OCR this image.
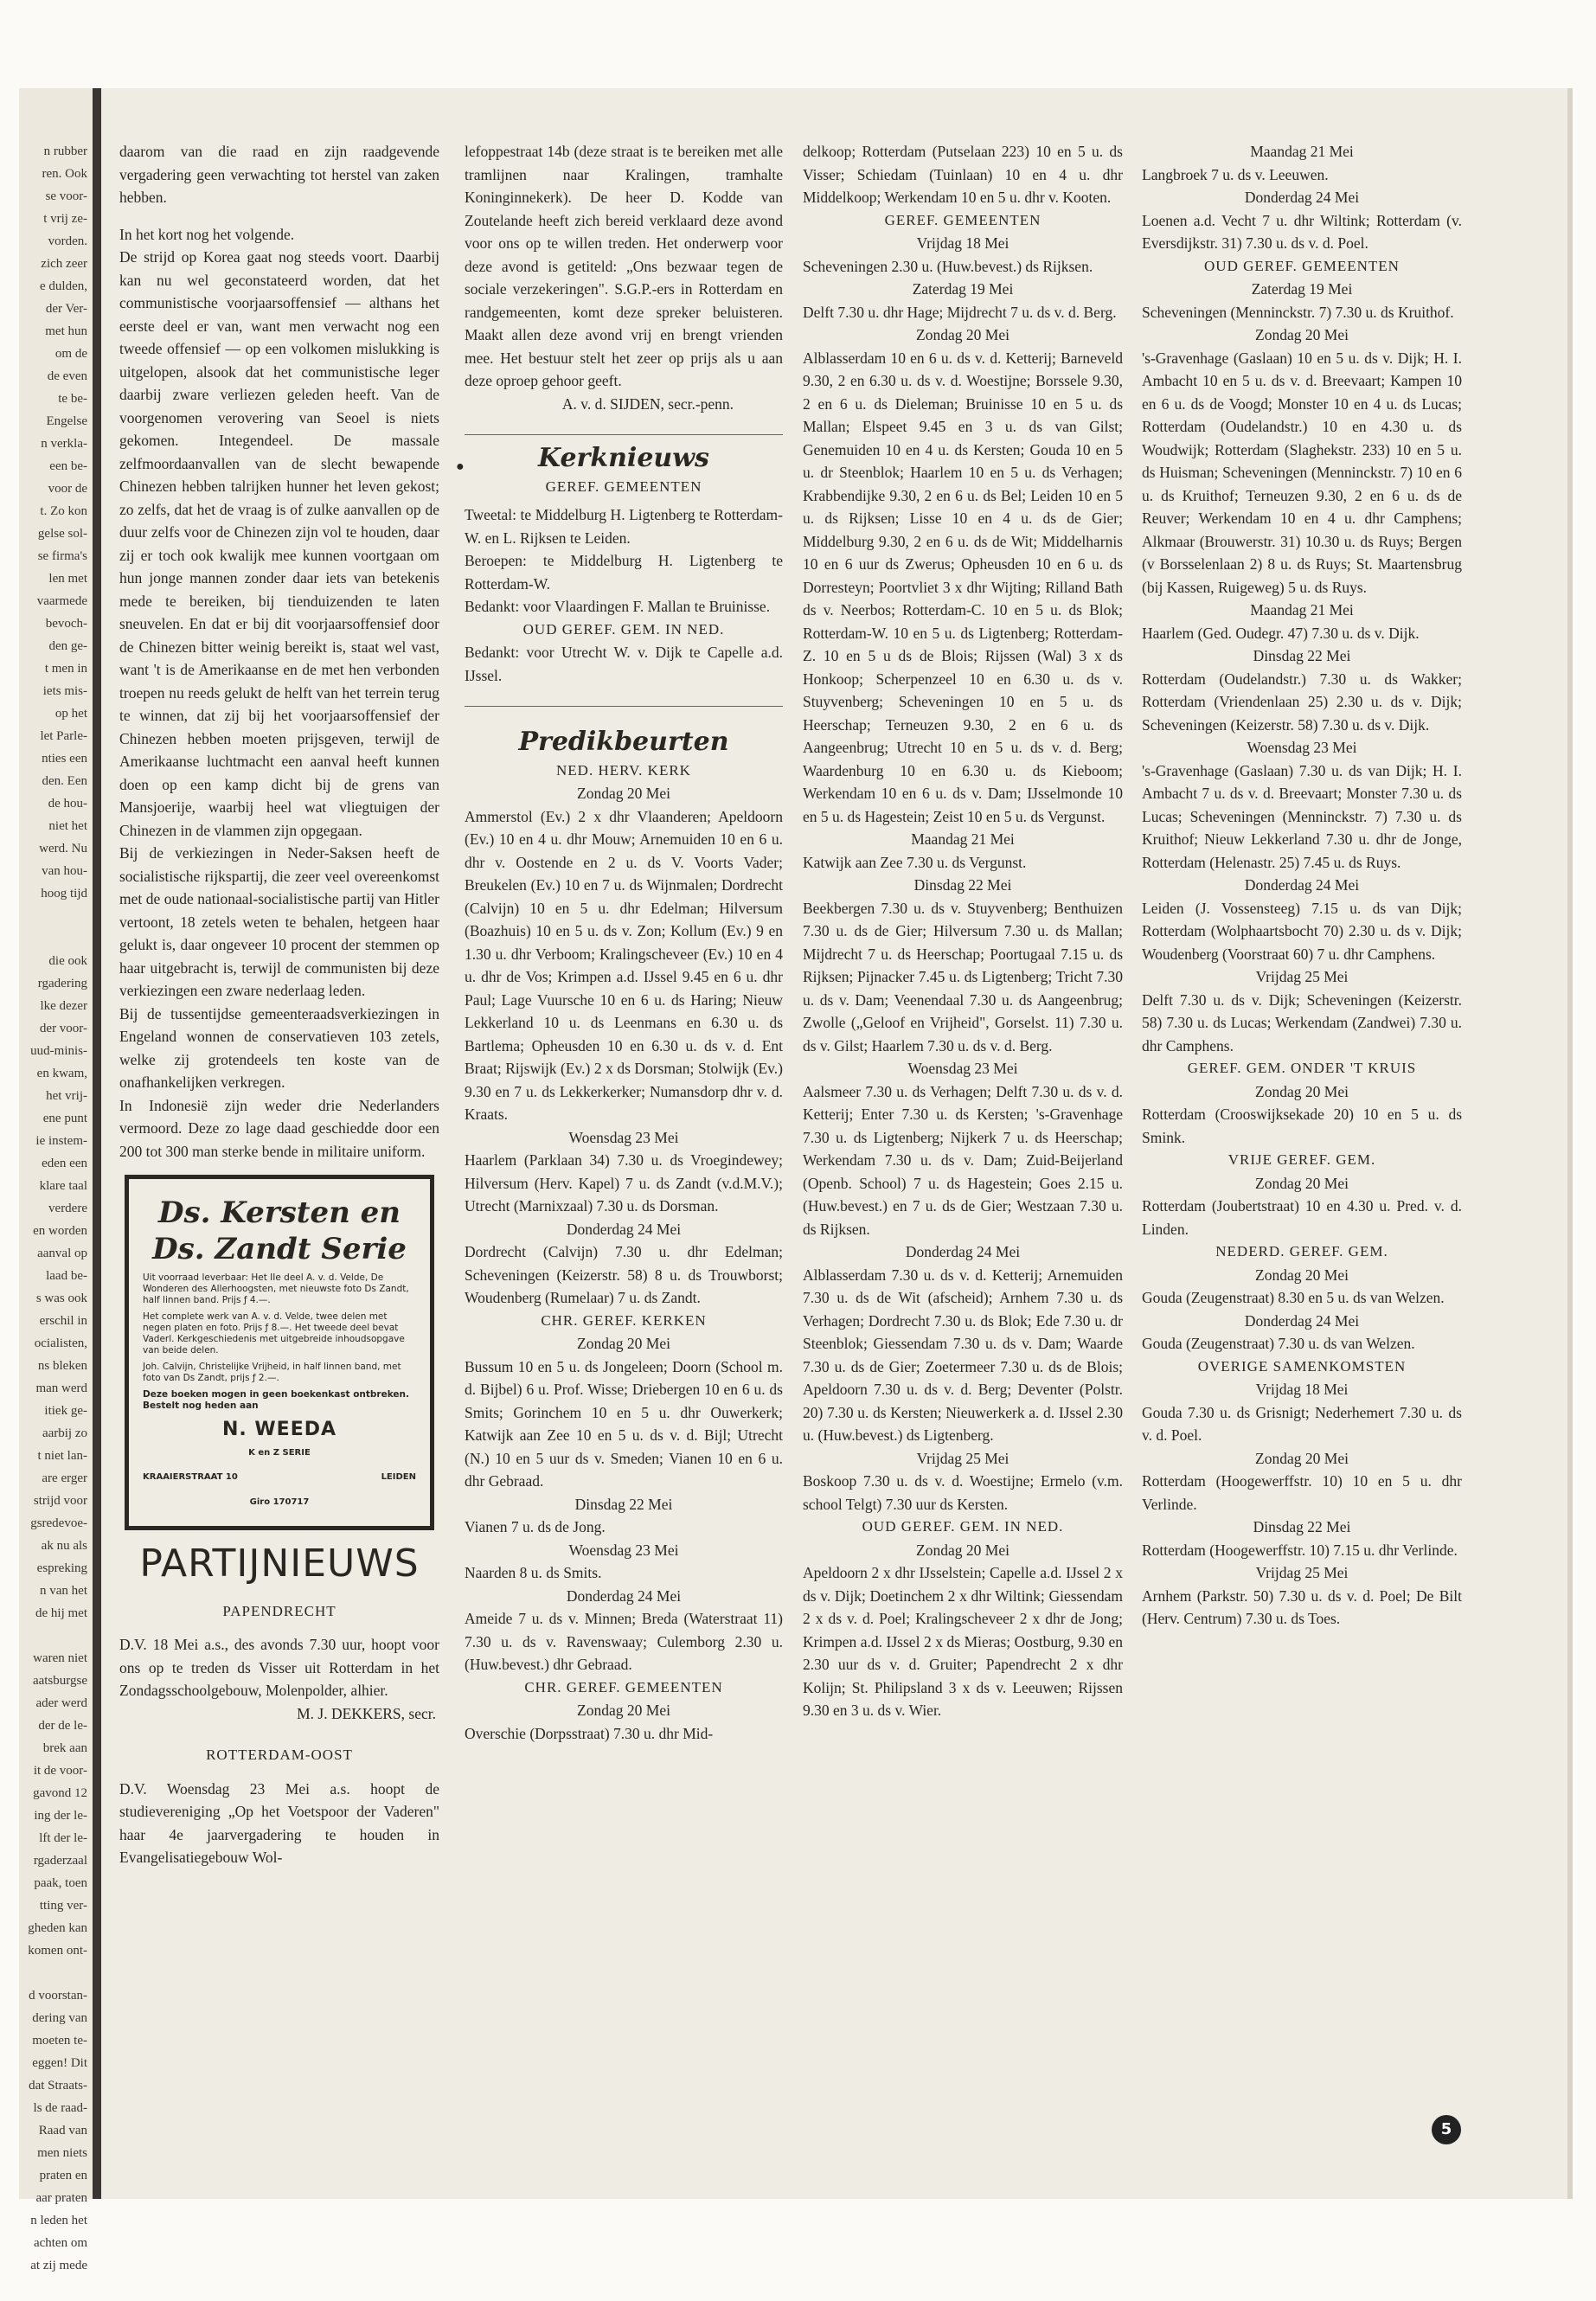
n rubber
ren. Ook
se voor-
t vrij ze-
vorden.
zich zeer
e dulden,
der Ver-
met hun
om de
de even
te be-
Engelse
n verkla-
een be-
voor de
t. Zo kon
gelse sol-
se firma's
len met
vaarmede
bevoch-
den ge-
t men in
iets mis-
op het
let Parle-
nties een
den. Een
de hou-
niet het
werd. Nu
van hou-
hoog tijd

die ook
rgadering
lke dezer
der voor-
uud-minis-
en kwam,
het vrij-
ene punt
ie instem-
eden een
klare taal
verdere
en worden
aanval op
laad be-
s was ook
erschil in
ocialisten,
ns bleken
man werd
itiek ge-
aarbij zo
t niet lan-
are erger
strijd voor
gsredevoe-
ak nu als
espreking
n van het
de hij met

waren niet
aatsburgse
ader werd
der de le-
brek aan
it de voor-
gavond 12
ing der le-
lft der le-
rgaderzaal
paak, toen
tting ver-
gheden kan
komen ont-

d voorstan-
dering van
moeten te-
eggen! Dit
dat Straats-
ls de raad-
Raad van
men niets
praten en
aar praten
n leden het
achten om
at zij mede

daarom van die raad en zijn raadgevende vergadering geen verwachting tot herstel van zaken hebben.

In het kort nog het volgende.

De strijd op Korea gaat nog steeds voort. Daarbij kan nu wel geconstateerd worden, dat het communistische voorjaarsoffensief — althans het eerste deel er van, want men verwacht nog een tweede offensief — op een volkomen mislukking is uitgelopen, alsook dat het communistische leger daarbij zware verliezen geleden heeft. Van de voorgenomen verovering van Seoel is niets gekomen. Integendeel. De massale zelfmoordaanvallen van de slecht bewapende Chinezen hebben talrijken hunner het leven gekost; zo zelfs, dat het de vraag is of zulke aanvallen op de duur zelfs voor de Chinezen zijn vol te houden, daar zij er toch ook kwalijk mee kunnen voortgaan om hun jonge mannen zonder daar iets van betekenis mede te bereiken, bij tienduizenden te laten sneuvelen. En dat er bij dit voorjaarsoffensief door de Chinezen bitter weinig bereikt is, staat wel vast, want 't is de Amerikaanse en de met hen verbonden troepen nu reeds gelukt de helft van het terrein terug te winnen, dat zij bij het voorjaarsoffensief der Chinezen hebben moeten prijsgeven, terwijl de Amerikaanse luchtmacht een aanval heeft kunnen doen op een kamp dicht bij de grens van Mansjoerije, waarbij heel wat vliegtuigen der Chinezen in de vlammen zijn opgegaan.

Bij de verkiezingen in Neder-Saksen heeft de socialistische rijkspartij, die zeer veel overeenkomst met de oude nationaal-socialistische partij van Hitler vertoont, 18 zetels weten te behalen, hetgeen haar gelukt is, daar ongeveer 10 procent der stemmen op haar uitgebracht is, terwijl de communisten bij deze verkiezingen een zware nederlaag leden.

Bij de tussentijdse gemeenteraadsverkiezingen in Engeland wonnen de conservatieven 103 zetels, welke zij grotendeels ten koste van de onafhankelijken verkregen.

In Indonesië zijn weder drie Nederlanders vermoord. Deze zo lage daad geschiedde door een 200 tot 300 man sterke bende in militaire uniform.

Ds. Kersten en

Ds. Zandt Serie

Uit voorraad leverbaar: Het IIe deel A. v. d. Velde, De Wonderen des Allerhoogsten, met nieuwste foto Ds Zandt, half linnen band. Prijs ƒ 4.—.

Het complete werk van A. v. d. Velde, twee delen met negen platen en foto. Prijs ƒ 8.—. Het tweede deel bevat Vaderl. Kerkgeschiedenis met uitgebreide inhoudsopgave van beide delen.

Joh. Calvijn, Christelijke Vrijheid, in half linnen band, met foto van Ds Zandt, prijs ƒ 2.—.

Deze boeken mogen in geen boekenkast ontbreken. Bestelt nog heden aan

N. WEEDA

K en Z SERIE

KRAAIERSTRAAT 10	LEIDEN

Giro 170717

PARTIJNIEUWS

PAPENDRECHT

D.V. 18 Mei a.s., des avonds 7.30 uur, hoopt voor ons op te treden ds Visser uit Rotterdam in het Zondagsschoolgebouw, Molenpolder, alhier.

M. J. DEKKERS, secr.

ROTTERDAM-OOST

D.V. Woensdag 23 Mei a.s. hoopt de studievereniging „Op het Voetspoor der Vaderen" haar 4e jaarvergadering te houden in Evangelisatiegebouw Wol-

lefoppestraat 14b (deze straat is te bereiken met alle tramlijnen naar Kralingen, tramhalte Koninginnekerk). De heer D. Kodde van Zoutelande heeft zich bereid verklaard deze avond voor ons op te willen treden. Het onderwerp voor deze avond is getiteld: „Ons bezwaar tegen de sociale verzekeringen". S.G.P.-ers in Rotterdam en randgemeenten, komt deze spreker beluisteren. Maakt allen deze avond vrij en brengt vrienden mee. Het bestuur stelt het zeer op prijs als u aan deze oproep gehoor geeft.

A. v. d. SIJDEN, secr.-penn.

●	Kerknieuws

GEREF. GEMEENTEN

Tweetal: te Middelburg H. Ligtenberg te Rotterdam-W. en L. Rijksen te Leiden.

Beroepen: te Middelburg H. Ligtenberg te Rotterdam-W.

Bedankt: voor Vlaardingen F. Mallan te Bruinisse.

OUD GEREF. GEM. IN NED.

Bedankt: voor Utrecht W. v. Dijk te Capelle a.d. IJssel.

Predikbeurten

NED. HERV. KERK

Zondag 20 Mei

Ammerstol (Ev.) 2 x dhr Vlaanderen; Apeldoorn (Ev.) 10 en 4 u. dhr Mouw; Arnemuiden 10 en 6 u. dhr v. Oostende en 2 u. ds V. Voorts Vader; Breukelen (Ev.) 10 en 7 u. ds Wijnmalen; Dordrecht (Calvijn) 10 en 5 u. dhr Edelman; Hilversum (Boazhuis) 10 en 5 u. ds v. Zon; Kollum (Ev.) 9 en 1.30 u. dhr Verboom; Kralingscheveer (Ev.) 10 en 4 u. dhr de Vos; Krimpen a.d. IJssel 9.45 en 6 u. dhr Paul; Lage Vuursche 10 en 6 u. ds Haring; Nieuw Lekkerland 10 u. ds Leenmans en 6.30 u. ds Bartlema; Opheusden 10 en 6.30 u. ds v. d. Ent Braat; Rijswijk (Ev.) 2 x ds Dorsman; Stolwijk (Ev.) 9.30 en 7 u. ds Lekkerkerker; Numansdorp dhr v. d. Kraats.

Woensdag 23 Mei

Haarlem (Parklaan 34) 7.30 u. ds Vroegindewey; Hilversum (Herv. Kapel) 7 u. ds Zandt (v.d.M.V.); Utrecht (Marnixzaal) 7.30 u. ds Dorsman.

Donderdag 24 Mei

Dordrecht (Calvijn) 7.30 u. dhr Edelman; Scheveningen (Keizerstr. 58) 8 u. ds Trouwborst; Woudenberg (Rumelaar) 7 u. ds Zandt.

CHR. GEREF. KERKEN

Zondag 20 Mei

Bussum 10 en 5 u. ds Jongeleen; Doorn (School m. d. Bijbel) 6 u. Prof. Wisse; Driebergen 10 en 6 u. ds Smits; Gorinchem 10 en 5 u. dhr Ouwerkerk; Katwijk aan Zee 10 en 5 u. ds v. d. Bijl; Utrecht (N.) 10 en 5 uur ds v. Smeden; Vianen 10 en 6 u. dhr Gebraad.

Dinsdag 22 Mei

Vianen 7 u. ds de Jong.

Woensdag 23 Mei

Naarden 8 u. ds Smits.

Donderdag 24 Mei

Ameide 7 u. ds v. Minnen; Breda (Waterstraat 11) 7.30 u. ds v. Ravenswaay; Culemborg 2.30 u. (Huw.bevest.) dhr Gebraad.

CHR. GEREF. GEMEENTEN

Zondag 20 Mei

Overschie (Dorpsstraat) 7.30 u. dhr Mid-

delkoop; Rotterdam (Putselaan 223) 10 en 5 u. ds Visser; Schiedam (Tuinlaan) 10 en 4 u. dhr Middelkoop; Werkendam 10 en 5 u. dhr v. Kooten.

GEREF. GEMEENTEN

Vrijdag 18 Mei

Scheveningen 2.30 u. (Huw.bevest.) ds Rijksen.

Zaterdag 19 Mei

Delft 7.30 u. dhr Hage; Mijdrecht 7 u. ds v. d. Berg.

Zondag 20 Mei

Alblasserdam 10 en 6 u. ds v. d. Ketterij; Barneveld 9.30, 2 en 6.30 u. ds v. d. Woestijne; Borssele 9.30, 2 en 6 u. ds Dieleman; Bruinisse 10 en 5 u. ds Mallan; Elspeet 9.45 en 3 u. ds van Gilst; Genemuiden 10 en 4 u. ds Kersten; Gouda 10 en 5 u. dr Steenblok; Haarlem 10 en 5 u. ds Verhagen; Krabbendijke 9.30, 2 en 6 u. ds Bel; Leiden 10 en 5 u. ds Rijksen; Lisse 10 en 4 u. ds de Gier; Middelburg 9.30, 2 en 6 u. ds de Wit; Middelharnis 10 en 6 uur ds Zwerus; Opheusden 10 en 6 u. ds Dorresteyn; Poortvliet 3 x dhr Wijting; Rilland Bath ds v. Neerbos; Rotterdam-C. 10 en 5 u. ds Blok; Rotterdam-W. 10 en 5 u. ds Ligtenberg; Rotterdam-Z. 10 en 5 u ds de Blois; Rijssen (Wal) 3 x ds Honkoop; Scherpenzeel 10 en 6.30 u. ds v. Stuyvenberg; Scheveningen 10 en 5 u. ds Heerschap; Terneuzen 9.30, 2 en 6 u. ds Aangeenbrug; Utrecht 10 en 5 u. ds v. d. Berg; Waardenburg 10 en 6.30 u. ds Kieboom; Werkendam 10 en 6 u. ds v. Dam; IJsselmonde 10 en 5 u. ds Hagestein; Zeist 10 en 5 u. ds Vergunst.

Maandag 21 Mei

Katwijk aan Zee 7.30 u. ds Vergunst.

Dinsdag 22 Mei

Beekbergen 7.30 u. ds v. Stuyvenberg; Benthuizen 7.30 u. ds de Gier; Hilversum 7.30 u. ds Mallan; Mijdrecht 7 u. ds Heerschap; Poortugaal 7.15 u. ds Rijksen; Pijnacker 7.45 u. ds Ligtenberg; Tricht 7.30 u. ds v. Dam; Veenendaal 7.30 u. ds Aangeenbrug; Zwolle („Geloof en Vrijheid", Gorselst. 11) 7.30 u. ds v. Gilst; Haarlem 7.30 u. ds v. d. Berg.

Woensdag 23 Mei

Aalsmeer 7.30 u. ds Verhagen; Delft 7.30 u. ds v. d. Ketterij; Enter 7.30 u. ds Kersten; 's-Gravenhage 7.30 u. ds Ligtenberg; Nijkerk 7 u. ds Heerschap; Werkendam 7.30 u. ds v. Dam; Zuid-Beijerland (Openb. School) 7 u. ds Hagestein; Goes 2.15 u. (Huw.bevest.) en 7 u. ds de Gier; Westzaan 7.30 u. ds Rijksen.

Donderdag 24 Mei

Alblasserdam 7.30 u. ds v. d. Ketterij; Arnemuiden 7.30 u. ds de Wit (afscheid); Arnhem 7.30 u. ds Verhagen; Dordrecht 7.30 u. ds Blok; Ede 7.30 u. dr Steenblok; Giessendam 7.30 u. ds v. Dam; Waarde 7.30 u. ds de Gier; Zoetermeer 7.30 u. ds de Blois; Apeldoorn 7.30 u. ds v. d. Berg; Deventer (Polstr. 20) 7.30 u. ds Kersten; Nieuwerkerk a. d. IJssel 2.30 u. (Huw.bevest.) ds Ligtenberg.

Vrijdag 25 Mei

Boskoop 7.30 u. ds v. d. Woestijne; Ermelo (v.m. school Telgt) 7.30 uur ds Kersten.

OUD GEREF. GEM. IN NED.

Zondag 20 Mei

Apeldoorn 2 x dhr IJsselstein; Capelle a.d. IJssel 2 x ds v. Dijk; Doetinchem 2 x dhr Wiltink; Giessendam 2 x ds v. d. Poel; Kralingscheveer 2 x dhr de Jong; Krimpen a.d. IJssel 2 x ds Mieras; Oostburg, 9.30 en 2.30 uur ds v. d. Gruiter; Papendrecht 2 x dhr Kolijn; St. Philipsland 3 x ds v. Leeuwen; Rijssen 9.30 en 3 u. ds v. Wier.

Maandag 21 Mei

Langbroek 7 u. ds v. Leeuwen.

Donderdag 24 Mei

Loenen a.d. Vecht 7 u. dhr Wiltink; Rotterdam (v. Eversdijkstr. 31) 7.30 u. ds v. d. Poel.

OUD GEREF. GEMEENTEN

Zaterdag 19 Mei

Scheveningen (Menninckstr. 7) 7.30 u. ds Kruithof.

Zondag 20 Mei

's-Gravenhage (Gaslaan) 10 en 5 u. ds v. Dijk; H. I. Ambacht 10 en 5 u. ds v. d. Breevaart; Kampen 10 en 6 u. ds de Voogd; Monster 10 en 4 u. ds Lucas; Rotterdam (Oudelandstr.) 10 en 4.30 u. ds Woudwijk; Rotterdam (Slaghekstr. 233) 10 en 5 u. ds Huisman; Scheveningen (Menninckstr. 7) 10 en 6 u. ds Kruithof; Terneuzen 9.30, 2 en 6 u. ds de Reuver; Werkendam 10 en 4 u. dhr Camphens; Alkmaar (Brouwerstr. 31) 10.30 u. ds Ruys; Bergen (v Borsselenlaan 2) 8 u. ds Ruys; St. Maartensbrug (bij Kassen, Ruigeweg) 5 u. ds Ruys.

Maandag 21 Mei

Haarlem (Ged. Oudegr. 47) 7.30 u. ds v. Dijk.

Dinsdag 22 Mei

Rotterdam (Oudelandstr.) 7.30 u. ds Wakker; Rotterdam (Vriendenlaan 25) 2.30 u. ds v. Dijk; Scheveningen (Keizerstr. 58) 7.30 u. ds v. Dijk.

Woensdag 23 Mei

's-Gravenhage (Gaslaan) 7.30 u. ds van Dijk; H. I. Ambacht 7 u. ds v. d. Breevaart; Monster 7.30 u. ds Lucas; Scheveningen (Menninckstr. 7) 7.30 u. ds Kruithof; Nieuw Lekkerland 7.30 u. dhr de Jonge, Rotterdam (Helenastr. 25) 7.45 u. ds Ruys.

Donderdag 24 Mei

Leiden (J. Vossensteeg) 7.15 u. ds van Dijk; Rotterdam (Wolphaartsbocht 70) 2.30 u. ds v. Dijk; Woudenberg (Voorstraat 60) 7 u. dhr Camphens.

Vrijdag 25 Mei

Delft 7.30 u. ds v. Dijk; Scheveningen (Keizerstr. 58) 7.30 u. ds Lucas; Werkendam (Zandwei) 7.30 u. dhr Camphens.

GEREF. GEM. ONDER 'T KRUIS

Zondag 20 Mei

Rotterdam (Crooswijksekade 20) 10 en 5 u. ds Smink.

VRIJE GEREF. GEM.

Zondag 20 Mei

Rotterdam (Joubertstraat) 10 en 4.30 u. Pred. v. d. Linden.

NEDERD. GEREF. GEM.

Zondag 20 Mei

Gouda (Zeugenstraat) 8.30 en 5 u. ds van Welzen.

Donderdag 24 Mei

Gouda (Zeugenstraat) 7.30 u. ds van Welzen.

OVERIGE SAMENKOMSTEN

Vrijdag 18 Mei

Gouda 7.30 u. ds Grisnigt; Nederhemert 7.30 u. ds v. d. Poel.

Zondag 20 Mei

Rotterdam (Hoogewerffstr. 10) 10 en 5 u. dhr Verlinde.

Dinsdag 22 Mei

Rotterdam (Hoogewerffstr. 10) 7.15 u. dhr Verlinde.

Vrijdag 25 Mei

Arnhem (Parkstr. 50) 7.30 u. ds v. d. Poel; De Bilt (Herv. Centrum) 7.30 u. ds Toes.

5
